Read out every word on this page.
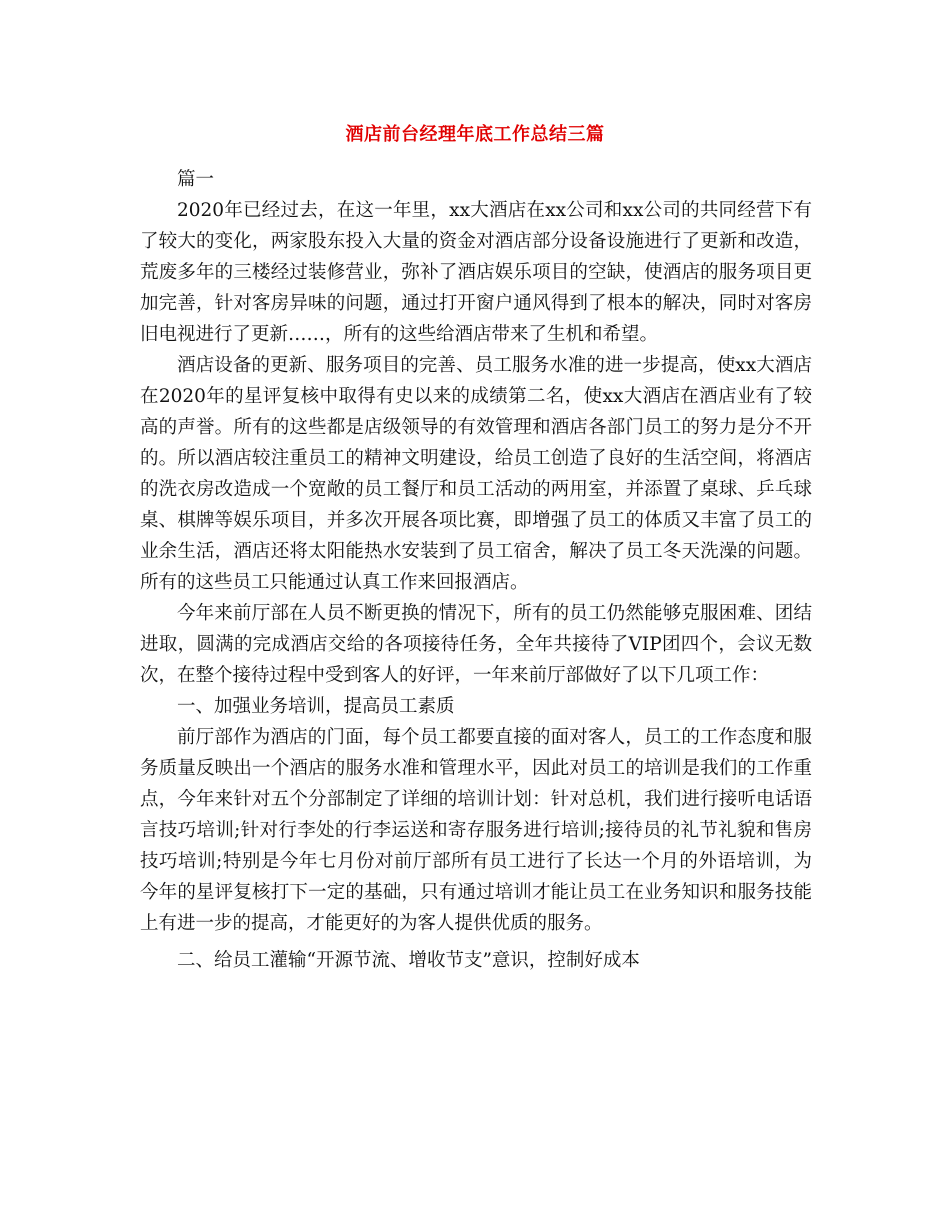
酒店前台经理年底工作总结三篇

篇一

2020年已经过去，在这一年里，xx大酒店在xx公司和xx公司的共同经营下有了较大的变化，两家股东投入大量的资金对酒店部分设备设施进行了更新和改造，荒废多年的三楼经过装修营业，弥补了酒店娱乐项目的空缺，使酒店的服务项目更加完善，针对客房异味的问题，通过打开窗户通风得到了根本的解决，同时对客房旧电视进行了更新……，所有的这些给酒店带来了生机和希望。

酒店设备的更新、服务项目的完善、员工服务水准的进一步提高，使xx大酒店在2020年的星评复核中取得有史以来的成绩第二名，使xx大酒店在酒店业有了较高的声誉。所有的这些都是店级领导的有效管理和酒店各部门员工的努力是分不开的。所以酒店较注重员工的精神文明建设，给员工创造了良好的生活空间，将酒店的洗衣房改造成一个宽敞的员工餐厅和员工活动的两用室，并添置了桌球、乒乓球桌、棋牌等娱乐项目，并多次开展各项比赛，即增强了员工的体质又丰富了员工的业余生活，酒店还将太阳能热水安装到了员工宿舍，解决了员工冬天洗澡的问题。所有的这些员工只能通过认真工作来回报酒店。

今年来前厅部在人员不断更换的情况下，所有的员工仍然能够克服困难、团结进取，圆满的完成酒店交给的各项接待任务，全年共接待了VIP团四个，会议无数次，在整个接待过程中受到客人的好评，一年来前厅部做好了以下几项工作：

一、加强业务培训，提高员工素质

前厅部作为酒店的门面，每个员工都要直接的面对客人，员工的工作态度和服务质量反映出一个酒店的服务水准和管理水平，因此对员工的培训是我们的工作重点，今年来针对五个分部制定了详细的培训计划：针对总机，我们进行接听电话语言技巧培训;针对行李处的行李运送和寄存服务进行培训;接待员的礼节礼貌和售房技巧培训;特别是今年七月份对前厅部所有员工进行了长达一个月的外语培训，为今年的星评复核打下一定的基础，只有通过培训才能让员工在业务知识和服务技能上有进一步的提高，才能更好的为客人提供优质的服务。

二、给员工灌输“开源节流、增收节支”意识，控制好成本
